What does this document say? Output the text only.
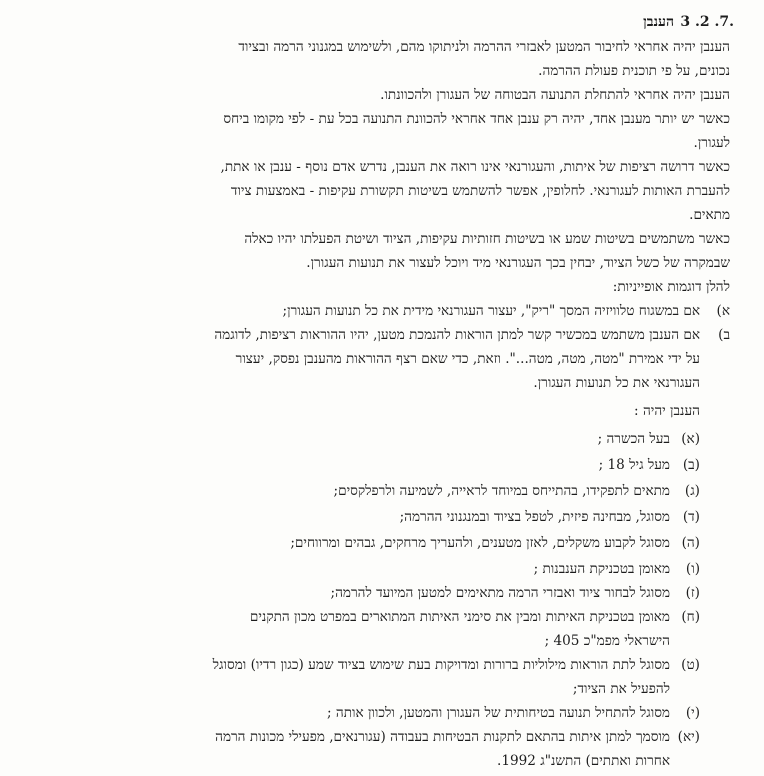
.7. 2. 3
הענבן
הענבן יהיה אחראי לחיבור המטען לאבזרי ההרמה ולניתוקו מהם, ולשימוש במגנוני הרמה ובציוד
נכונים, על פי תוכנית פעולת ההרמה.
הענבן יהיה אחראי להתחלת התנועה הבטוחה של העגורן ולהכוונתו.
כאשר יש יותר מענבן אחד, יהיה רק ענבן אחד אחראי להכוונת התנועה בכל עת - לפי מקומו ביחס
לעגורן.
כאשר דרושה רציפות של איתות, והעגורנאי אינו רואה את הענבן, נדרש אדם נוסף - ענבן או אתת,
להעברת האותות לעגורנאי. לחלופין, אפשר להשתמש בשיטות תקשורת עקיפות - באמצעות ציוד
מתאים.
כאשר משתמשים בשיטות שמע או בשיטות חזותיות עקיפות, הציוד ושיטת הפעלתו יהיו כאלה
שבמקרה של כשל הציוד, יבחין בכך העגורנאי מיד ויוכל לעצור את תנועות העגורן.
להלן דוגמות אופייניות:
א)אם במשגוח טלוויזיה המסך "ריק", יעצור העגורנאי מידית את כל תנועות העגורן;
ב)אם הענבן משתמש במכשיר קשר למתן הוראות להנמכת מטען, יהיו ההוראות רציפות, לדוגמה
על ידי אמירת "מטה, מטה, מטה...". וזאת, כדי שאם רצף ההוראות מהענבן נפסק, יעצור
העגורנאי את כל תנועות העגורן.
הענבן יהיה :
(א)בעל הכשרה ;
(ב)מעל גיל 18 ;
(ג)מתאים לתפקידו, בהתייחס במיוחד לראייה, לשמיעה ולרפלקסים;
(ד)מסוגל, מבחינה פיזית, לטפל בציוד ובמנגנוני ההרמה;
(ה)מסוגל לקבוע משקלים, לאזן מטענים, ולהעריך מרחקים, גבהים ומרווחים;
(ו)מאומן בטכניקת הענבנות ;
(ז)מסוגל לבחור ציוד ואבזרי הרמה מתאימים למטען המיועד להרמה;
(ח)מאומן בטכניקת האיתות ומבין את סימני האיתות המתוארים במפרט מכון התקנים
הישראלי מפמ"כ 405 ;
(ט)מסוגל לתת הוראות מילוליות ברורות ומדויקות בעת שימוש בציוד שמע (כגון רדיו) ומסוגל
להפעיל את הציוד;
(י)מסוגל להתחיל תנועה בטיחותית של העגורן והמטען, ולכוון אותה ;
(יא)מוסמך למתן איתות בהתאם לתקנות הבטיחות בעבודה (עגורנאים, מפעילי מכונות הרמה
אחרות ואתתים) התשנ"ג 1992.
